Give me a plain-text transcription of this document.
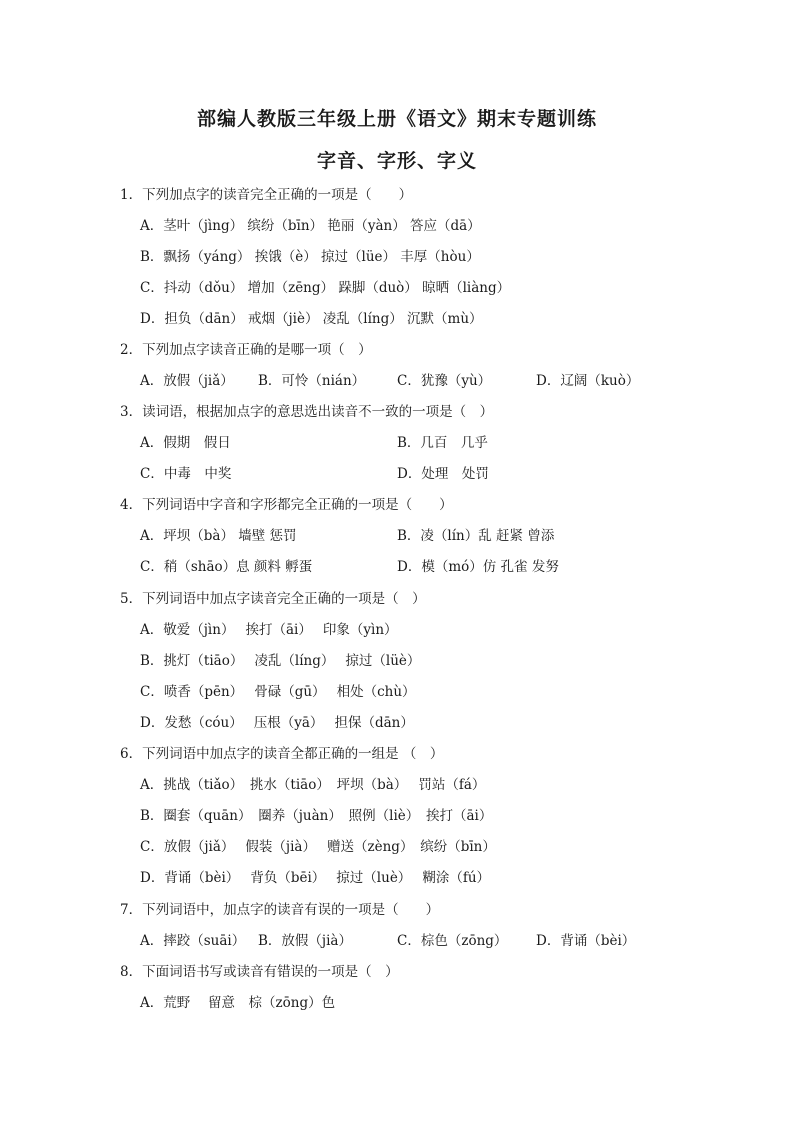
部编人教版三年级上册《语文》期末专题训练
字音、字形、字义
1．下列加点字的读音完全正确的一项是（　　）
A．茎叶（jìng） 缤纷（bīn） 艳丽（yàn） 答应（dā）
B．飘扬（yáng） 挨饿（è） 掠过（lüe） 丰厚（hòu）
C．抖动（dǒu） 增加（zēng） 跺脚（duò） 晾晒（liàng）
D．担负（dān） 戒烟（jiè） 凌乱（líng） 沉默（mù）
2．下列加点字读音正确的是哪一项（　）
A．放假（jiǎ） B．可怜（nián） C．犹豫（yù）	D．辽阔（kuò）
3．读词语，根据加点字的意思选出读音不一致的一项是（　）
A．假期　假日	B．几百　几乎
C．中毒　中奖	D．处理　处罚
4．下列词语中字音和字形都完全正确的一项是（　　）
A．坪坝（bà） 墙壁 惩罚	B．凌（lín）乱 赶紧 曾添
C．稍（shāo）息 颜料 孵蛋	D．模（mó）仿 孔雀 发努
5．下列词语中加点字读音完全正确的一项是（　）
A．敬爱（jìn）　 挨打（āi）　 印象（yìn）
B．挑灯（tiāo）　 凌乱（líng）　 掠过（lüè）
C．喷香（pēn）　 骨碌（gū）　 相处（chù）
D．发愁（cóu）　 压根（yā）　 担保（dān）
6．下列词语中加点字的读音全都正确的一组是 （　）
A．挑战（tiǎo）　挑水（tiāo）　坪坝（bà）　 罚站（fá）
B．圈套（quān）　圈养（juàn）　照例（liè）　挨打（āi）
C．放假（jiǎ）　 假装（jià）　 赠送（zèng）　缤纷（bīn）
D．背诵（bèi）　 背负（bēi）　 掠过（luè）　 糊涂（fú）
7．下列词语中，加点字的读音有误的一项是（　　）
A．摔跤（suāi） B．放假（jià）	C．棕色（zōng） D．背诵（bèi）
8．下面词语书写或读音有错误的一项是（　）
A．荒野　 留意　棕（zōng）色
